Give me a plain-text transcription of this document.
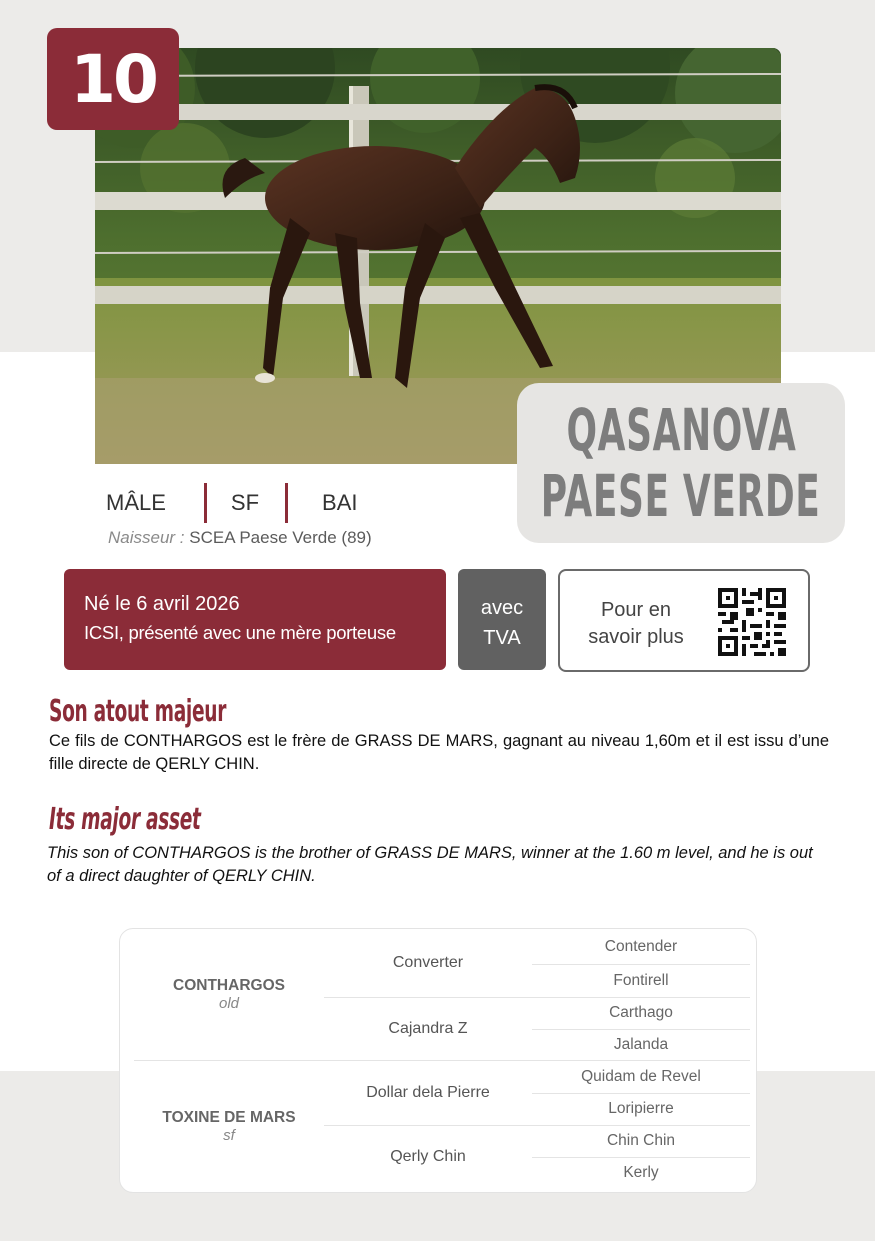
10
QASANOVA
PAESE VERDE
MÂLE	SF	BAI
Naisseur : SCEA Paese Verde (89)
Né le 6 avril 2026
ICSI, présenté avec une mère porteuse
avec
TVA
Pour en
savoir plus
Son atout majeur
Ce fils de CONTHARGOS est le frère de GRASS DE MARS, gagnant au niveau 1,60m et il est issu d’une fille directe de QERLY CHIN.
Its major asset
This son of CONTHARGOS is the brother of GRASS DE MARS, winner at the 1.60 m level, and he is out of a direct daughter of QERLY CHIN.
CONTHARGOS
old
Converter
Cajandra Z
Contender
Fontirell
Carthago
Jalanda
TOXINE DE MARS
sf
Dollar dela Pierre
Qerly Chin
Quidam de Revel
Loripierre
Chin Chin
Kerly
